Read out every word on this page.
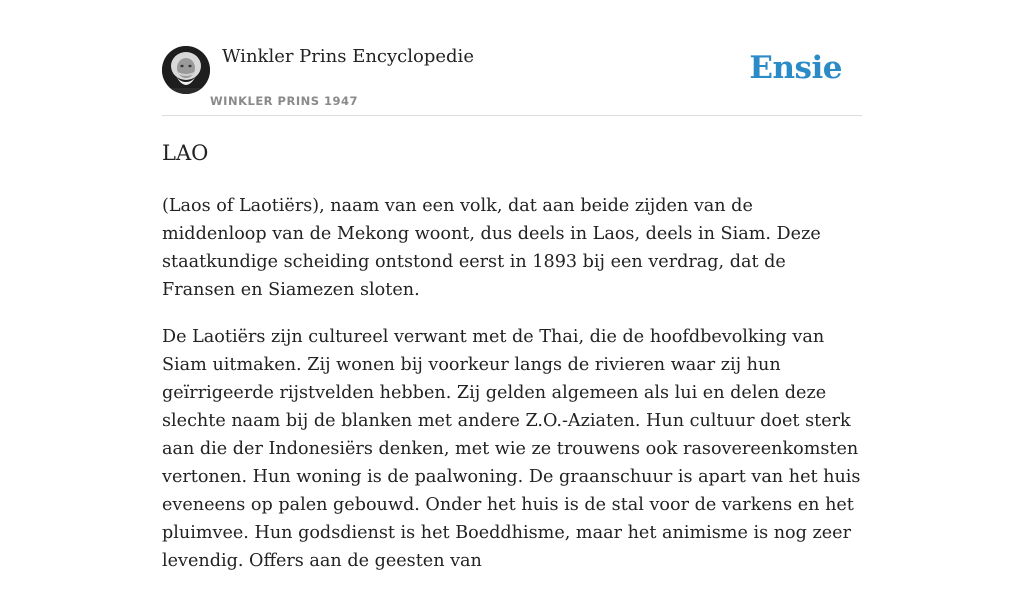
Winkler Prins Encyclopedie
WINKLER PRINS 1947
Ensie
LAO

(Laos of Laotiërs), naam van een volk, dat aan beide zijden van de middenloop van de Mekong woont, dus deels in Laos, deels in Siam. Deze staatkundige scheiding ontstond eerst in 1893 bij een verdrag, dat de Fransen en Siamezen sloten.

De Laotiërs zijn cultureel verwant met de Thai, die de hoofdbevolking van Siam uitmaken. Zij wonen bij voorkeur langs de rivieren waar zij hun geïrrigeerde rijstvelden hebben. Zij gelden algemeen als lui en delen deze slechte naam bij de blanken met andere Z.O.-Aziaten. Hun cultuur doet sterk aan die der Indonesiërs denken, met wie ze trouwens ook rasovereenkomsten vertonen. Hun woning is de paalwoning. De graanschuur is apart van het huis eveneens op palen gebouwd. Onder het huis is de stal voor de varkens en het pluimvee. Hun godsdienst is het Boeddhisme, maar het animisme is nog zeer levendig. Offers aan de geesten van
